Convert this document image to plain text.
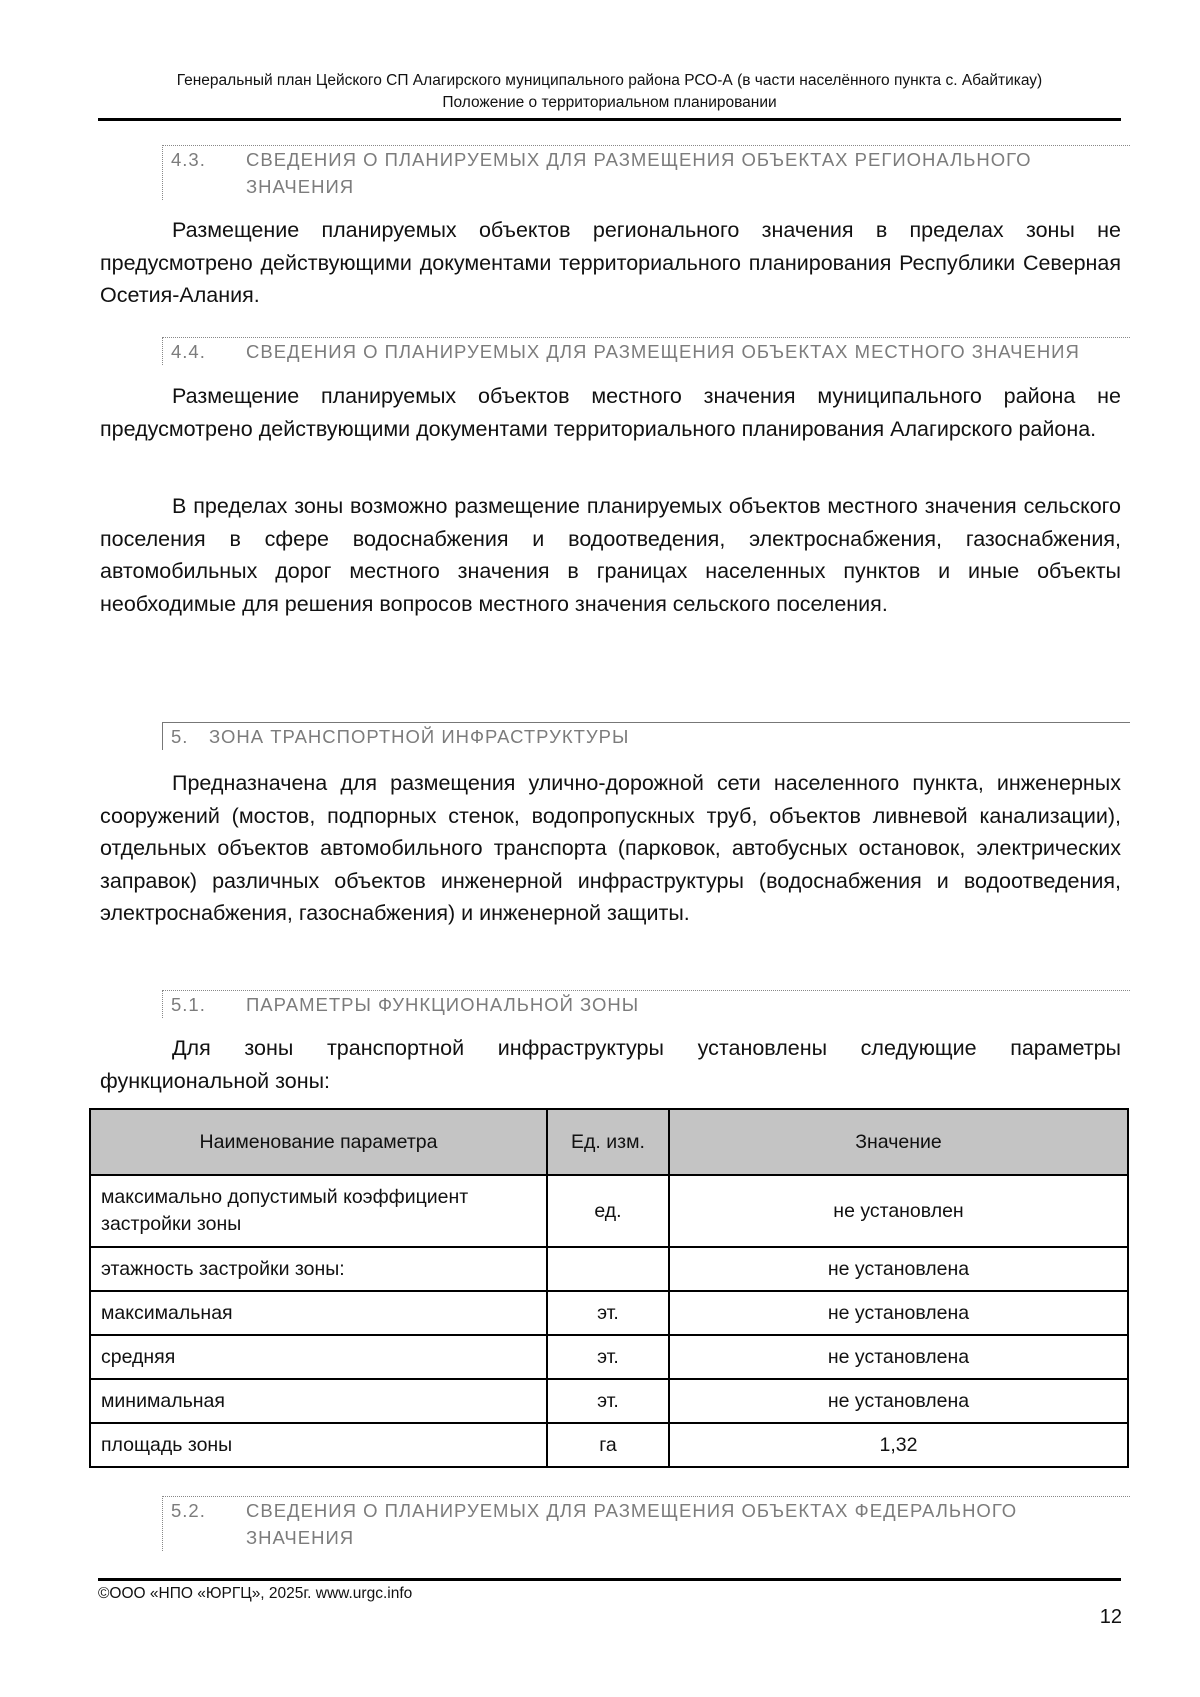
Генеральный план Цейского СП Алагирского муниципального района РСО-А (в части населённого пункта с. Абайтикау)
Положение о территориальном планировании
4.3.	СВЕДЕНИЯ О ПЛАНИРУЕМЫХ ДЛЯ РАЗМЕЩЕНИЯ ОБЪЕКТАХ РЕГИОНАЛЬНОГО ЗНАЧЕНИЯ

Размещение планируемых объектов регионального значения в пределах зоны не предусмотрено действующими документами территориального планирования Республики Северная Осетия-Алания.

4.4.	СВЕДЕНИЯ О ПЛАНИРУЕМЫХ ДЛЯ РАЗМЕЩЕНИЯ ОБЪЕКТАХ МЕСТНОГО ЗНАЧЕНИЯ

Размещение планируемых объектов местного значения муниципального района не предусмотрено действующими документами территориального планирования Алагирского района.

В пределах зоны возможно размещение планируемых объектов местного значения сельского поселения в сфере водоснабжения и водоотведения, электроснабжения, газоснабжения, автомобильных дорог местного значения в границах населенных пунктов и иные объекты необходимые для решения вопросов местного значения сельского поселения.

5.	ЗОНА ТРАНСПОРТНОЙ ИНФРАСТРУКТУРЫ

Предназначена для размещения улично-дорожной сети населенного пункта, инженерных сооружений (мостов, подпорных стенок, водопропускных труб, объектов ливневой канализации), отдельных объектов автомобильного транспорта (парковок, автобусных остановок, электрических заправок) различных объектов инженерной инфраструктуры (водоснабжения и водоотведения, электроснабжения, газоснабжения) и инженерной защиты.

5.1.	ПАРАМЕТРЫ ФУНКЦИОНАЛЬНОЙ ЗОНЫ

Для зоны транспортной инфраструктуры установлены следующие параметры функциональной зоны:

Наименование параметра	Ед. изм.	Значение
максимально допустимый коэффициент застройки зоны	ед.	не установлен
этажность застройки зоны:		не установлена
максимальная	эт.	не установлена
средняя	эт.	не установлена
минимальная	эт.	не установлена
площадь зоны	га	1,32
5.2.	СВЕДЕНИЯ О ПЛАНИРУЕМЫХ ДЛЯ РАЗМЕЩЕНИЯ ОБЪЕКТАХ ФЕДЕРАЛЬНОГО ЗНАЧЕНИЯ
©ООО «НПО «ЮРГЦ», 2025г. www.urgc.info
12
